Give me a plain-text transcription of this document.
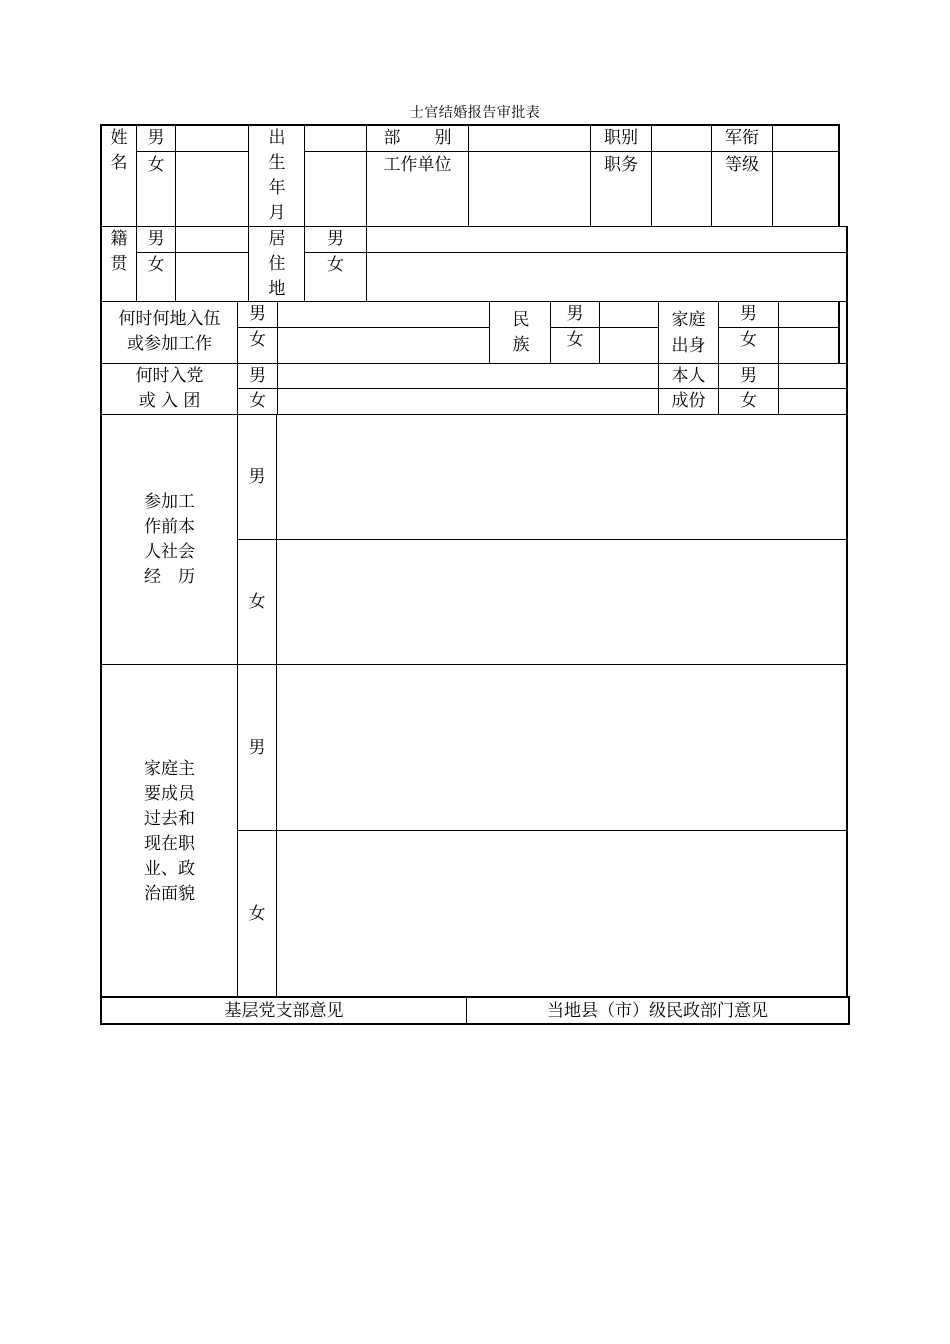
士官结婚报告审批表
姓名
男
女
出生年月
部　　别
工作单位
职别
职务
军衔
等级
籍贯
男
女
居住地
男
女
何时何地入伍
或参加工作
男
女
民族
男
女
家庭
出身
男
女
何时入党
或 入 团
男
女
本人
成份
男
女
参加工
作前本
人社会
经　历
男
女
家庭主
要成员
过去和
现在职
业、政
治面貌
男
女
基层党支部意见	当地县（市）级民政部门意见
